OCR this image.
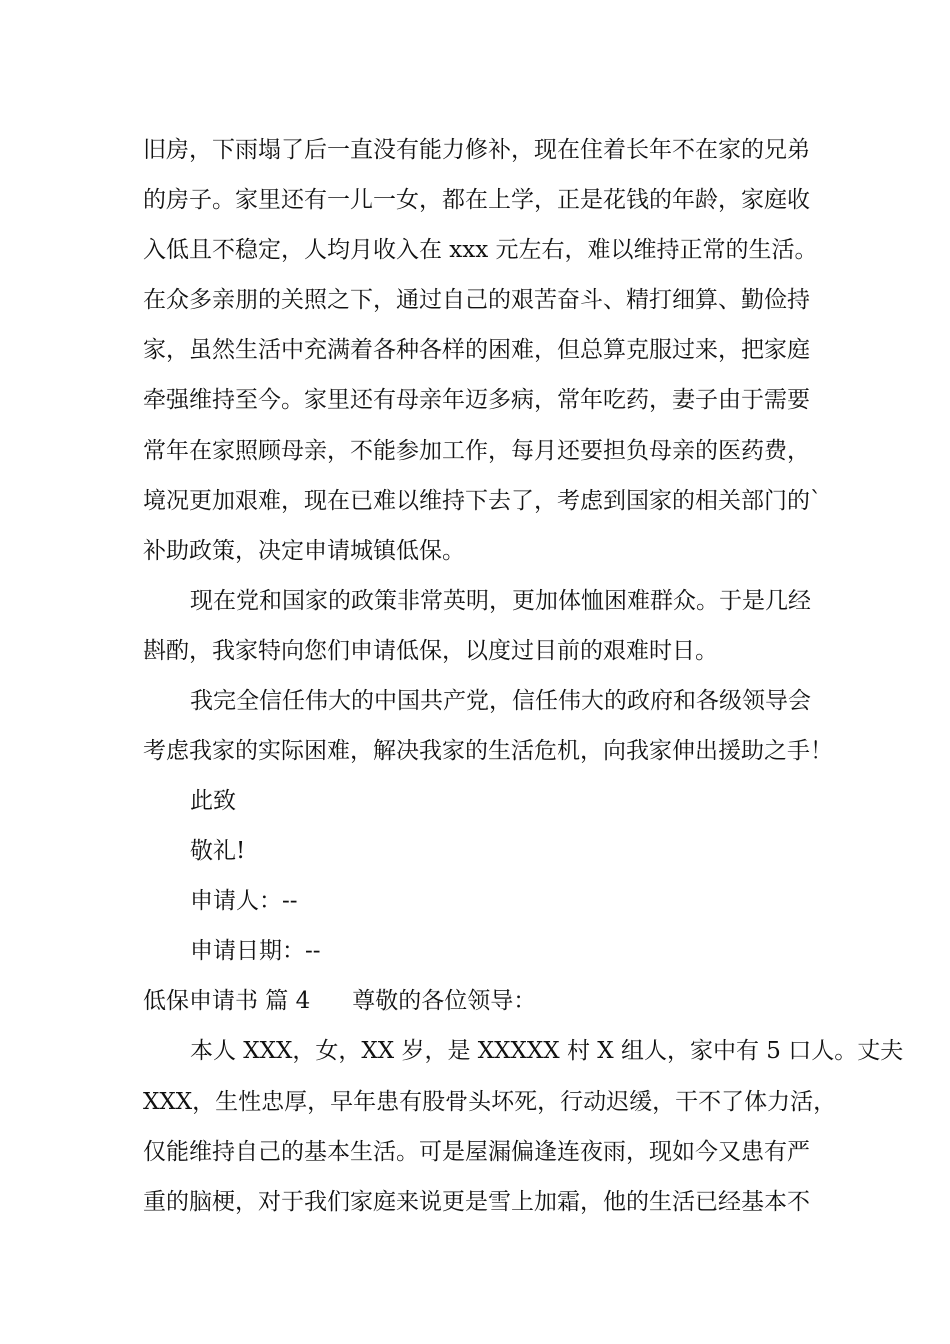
旧房，下雨塌了后一直没有能力修补，现在住着长年不在家的兄弟
的房子。家里还有一儿一女，都在上学，正是花钱的年龄，家庭收
入低且不稳定，人均月收入在 xxx 元左右，难以维持正常的生活。
在众多亲朋的关照之下，通过自己的艰苦奋斗、精打细算、勤俭持
家，虽然生活中充满着各种各样的困难，但总算克服过来，把家庭
牵强维持至今。家里还有母亲年迈多病，常年吃药，妻子由于需要
常年在家照顾母亲，不能参加工作，每月还要担负母亲的医药费，
境况更加艰难，现在已难以维持下去了，考虑到国家的相关部门的`
补助政策，决定申请城镇低保。
现在党和国家的政策非常英明，更加体恤困难群众。于是几经
斟酌，我家特向您们申请低保，以度过目前的艰难时日。
我完全信任伟大的中国共产党，信任伟大的政府和各级领导会
考虑我家的实际困难，解决我家的生活危机，向我家伸出援助之手！
此致
敬礼!
申请人：--
申请日期：--
低保申请书 篇 4 尊敬的各位领导：
本人 XXX，女，XX 岁，是 XXXXX 村 X 组人，家中有 5 口人。丈夫
XXX，生性忠厚，早年患有股骨头坏死，行动迟缓，干不了体力活，
仅能维持自己的基本生活。可是屋漏偏逢连夜雨，现如今又患有严
重的脑梗，对于我们家庭来说更是雪上加霜，他的生活已经基本不
